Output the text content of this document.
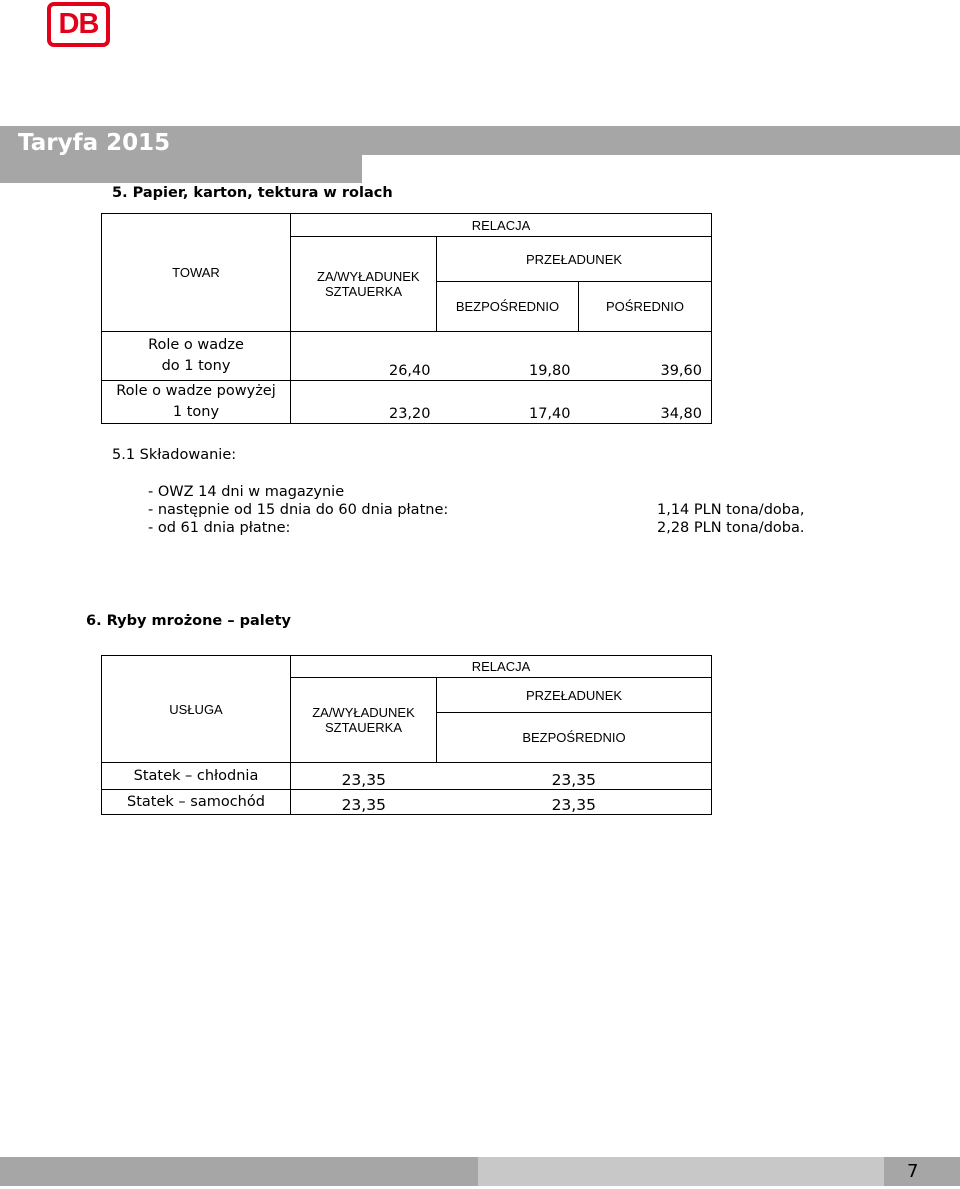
DB
Taryfa 2015
5. Papier, karton, tektura w rolach
TOWAR	RELACJA		
	ZA/WYŁADUNEK SZTAUERKA	PRZEŁADUNEK	
		BEZPOŚREDNIO	POŚREDNIO

Role o wadze
do 1 tony	26,40	19,80	39,60

Role o wadze powyżej
1 tony	23,20	17,40	34,80
5.1 Składowanie:
- OWZ 14 dni w magazynie
- następnie od 15 dnia do 60 dnia płatne:	1,14 PLN tona/doba,
- od 61 dnia płatne:	2,28 PLN tona/doba.
6. Ryby mrożone – palety
USŁUGA	RELACJA	
	ZA/WYŁADUNEK SZTAUERKA	PRZEŁADUNEK
		BEZPOŚREDNIO
Statek – chłodnia	23,35	23,35
Statek – samochód	23,35	23,35
7
